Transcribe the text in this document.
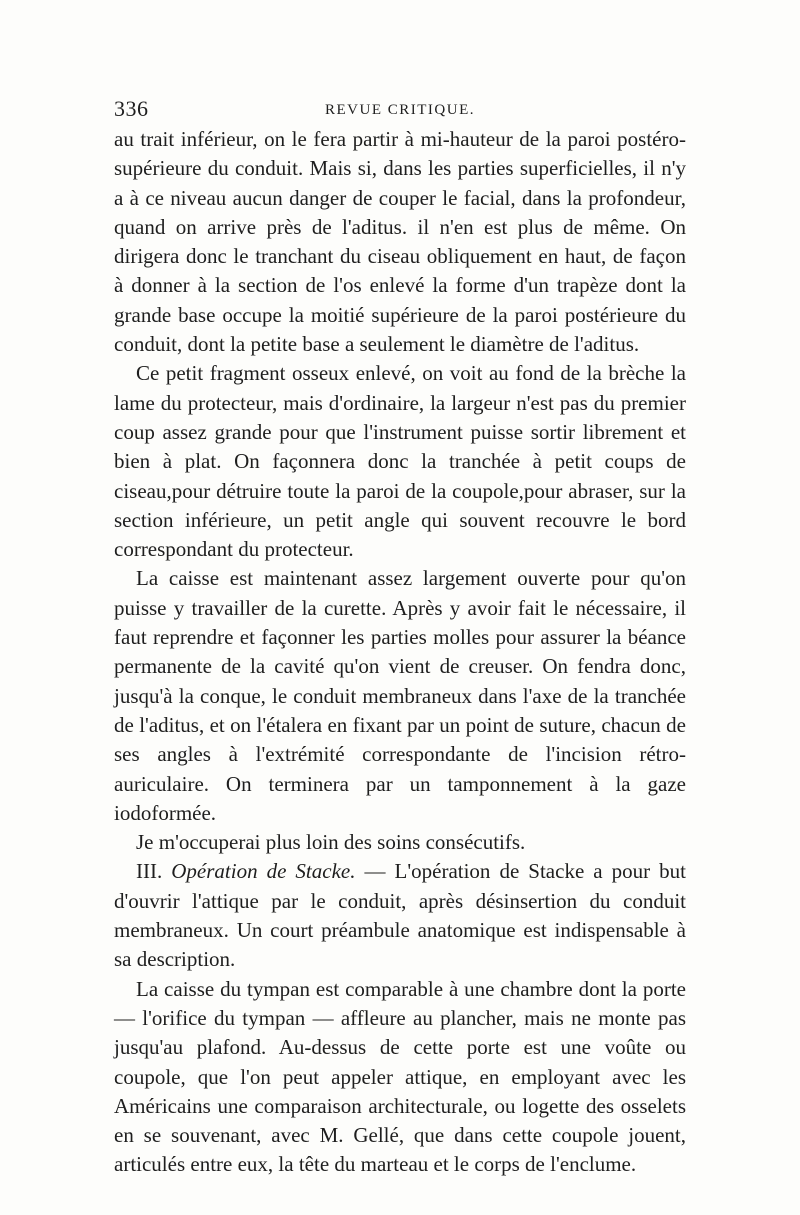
336	REVUE CRITIQUE.

au trait inférieur, on le fera partir à mi-hauteur de la paroi postéro-supérieure du conduit. Mais si, dans les parties superficielles, il n'y a à ce niveau aucun danger de couper le facial, dans la profondeur, quand on arrive près de l'aditus. il n'en est plus de même. On dirigera donc le tranchant du ciseau obliquement en haut, de façon à donner à la section de l'os enlevé la forme d'un trapèze dont la grande base occupe la moitié supérieure de la paroi postérieure du conduit, dont la petite base a seulement le diamètre de l'aditus.

Ce petit fragment osseux enlevé, on voit au fond de la brèche la lame du protecteur, mais d'ordinaire, la largeur n'est pas du premier coup assez grande pour que l'instrument puisse sortir librement et bien à plat. On façonnera donc la tranchée à petit coups de ciseau,pour détruire toute la paroi de la coupole,pour abraser, sur la section inférieure, un petit angle qui souvent recouvre le bord correspondant du protecteur.

La caisse est maintenant assez largement ouverte pour qu'on puisse y travailler de la curette. Après y avoir fait le nécessaire, il faut reprendre et façonner les parties molles pour assurer la béance permanente de la cavité qu'on vient de creuser. On fendra donc, jusqu'à la conque, le conduit membraneux dans l'axe de la tranchée de l'aditus, et on l'étalera en fixant par un point de suture, chacun de ses angles à l'extrémité correspondante de l'incision rétro-auriculaire. On terminera par un tamponnement à la gaze iodoformée.

Je m'occuperai plus loin des soins consécutifs.

III. Opération de Stacke. — L'opération de Stacke a pour but d'ouvrir l'attique par le conduit, après désinsertion du conduit membraneux. Un court préambule anatomique est indispensable à sa description.

La caisse du tympan est comparable à une chambre dont la porte — l'orifice du tympan — affleure au plancher, mais ne monte pas jusqu'au plafond. Au-dessus de cette porte est une voûte ou coupole, que l'on peut appeler attique, en employant avec les Américains une comparaison architecturale, ou logette des osselets en se souvenant, avec M. Gellé, que dans cette coupole jouent, articulés entre eux, la tête du marteau et le corps de l'enclume.
